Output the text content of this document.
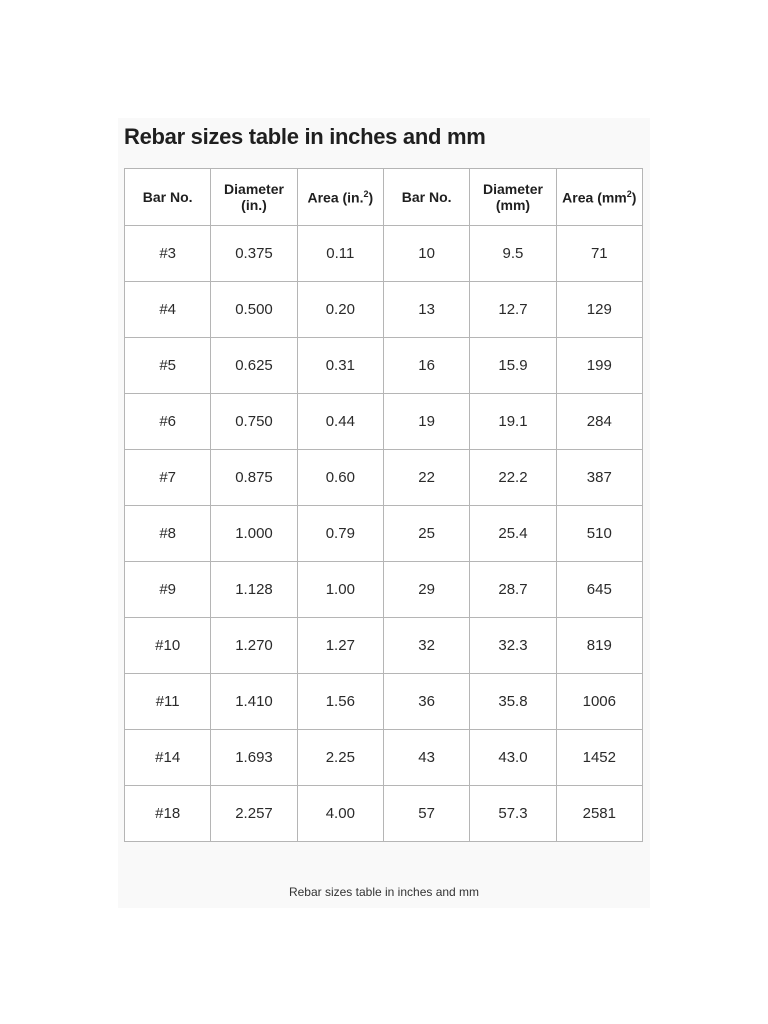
Rebar sizes table in inches and mm
Bar No.	Diameter (in.)	Area (in.$^2$)	Bar No.	Diameter (mm)	Area $(mm^2)$
#3	0.375	0.11	10	9.5	71
#4	0.500	0.20	13	12.7	129
#5	0.625	0.31	16	15.9	199
#6	0.750	0.44	19	19.1	284
#7	0.875	0.60	22	22.2	387
#8	1.000	0.79	25	25.4	510
#9	1.128	1.00	29	28.7	645
#10	1.270	1.27	32	32.3	819
#11	1.410	1.56	36	35.8	1006
#14	1.693	2.25	43	43.0	1452
#18	2.257	4.00	57	57.3	2581
Rebar sizes table in inches and mm
